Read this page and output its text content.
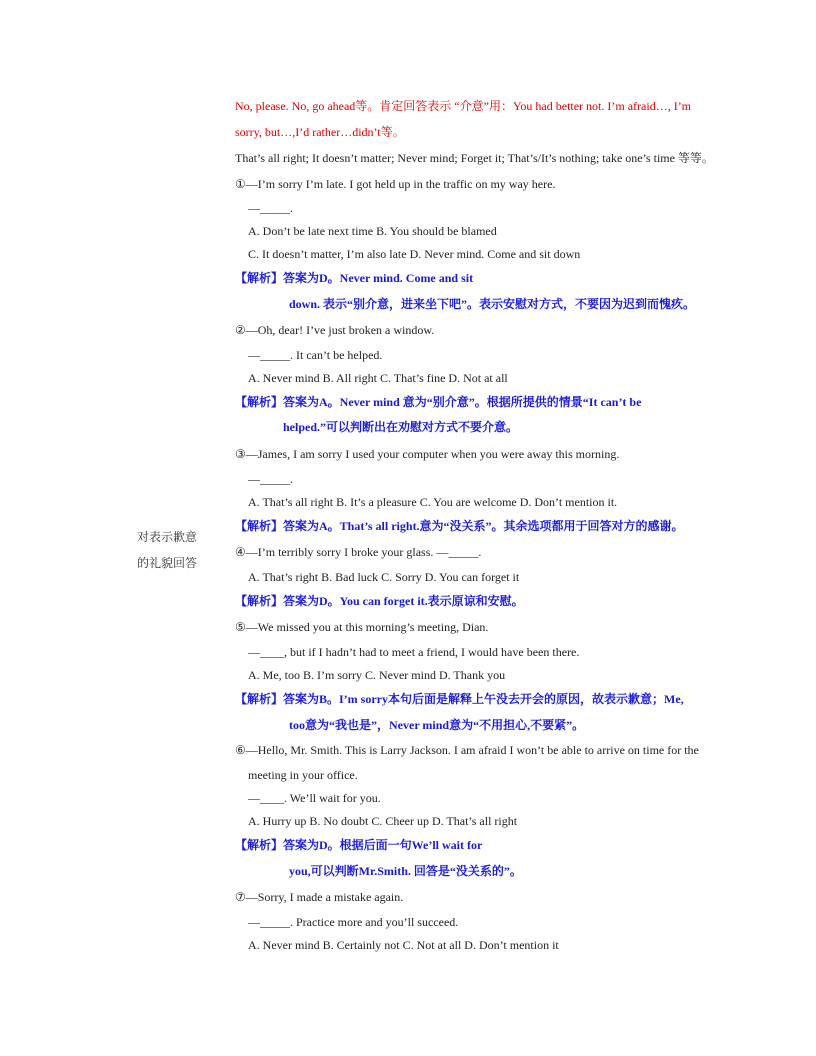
对表示歉意
的礼貌回答
No, please. No, go ahead等。肯定回答表示 “介意”用：You had better not. I’m afraid…, I’m
sorry, but…,I’d rather…didn’t等。
That’s all right; It doesn’t matter; Never mind; Forget it; That’s/It’s nothing; take one’s time 等等。
①—I’m sorry I’m late. I got held up in the traffic on my way here.
—_____.
A. Don’t be late next time B. You should be blamed
C. It doesn’t matter, I’m also late D. Never mind. Come and sit down
【解析】答案为D。Never mind. Come and sit
down. 表示“别介意，进来坐下吧”。表示安慰对方式，不要因为迟到而愧疚。
②—Oh, dear! I’ve just broken a window.
—_____. It can’t be helped.
A. Never mind B. All right C. That’s fine D. Not at all
【解析】答案为A。Never mind 意为“别介意”。根据所提供的情景“It can’t be
helped.”可以判断出在劝慰对方式不要介意。
③—James, I am sorry I used your computer when you were away this morning.
—_____.
A. That’s all right B. It’s a pleasure C. You are welcome D. Don’t mention it.
【解析】答案为A。That’s all right.意为“没关系”。其余选项都用于回答对方的感谢。
④—I’m terribly sorry I broke your glass. —_____.
A. That’s right B. Bad luck C. Sorry D. You can forget it
【解析】答案为D。You can forget it.表示原谅和安慰。
⑤—We missed you at this morning’s meeting, Dian.
—____, but if I hadn’t had to meet a friend, I would have been there.
A. Me, too B. I’m sorry C. Never mind D. Thank you
【解析】答案为B。I’m sorry本句后面是解释上午没去开会的原因，故表示歉意；Me,
too意为“我也是”，Never mind意为“不用担心,不要紧”。
⑥—Hello, Mr. Smith. This is Larry Jackson. I am afraid I won’t be able to arrive on time for the
meeting in your office.
—____. We’ll wait for you.
A. Hurry up B. No doubt C. Cheer up D. That’s all right
【解析】答案为D。根据后面一句We’ll wait for
you,可以判断Mr.Smith. 回答是“没关系的”。
⑦—Sorry, I made a mistake again.
—_____. Practice more and you’ll succeed.
A. Never mind B. Certainly not C. Not at all D. Don’t mention it
